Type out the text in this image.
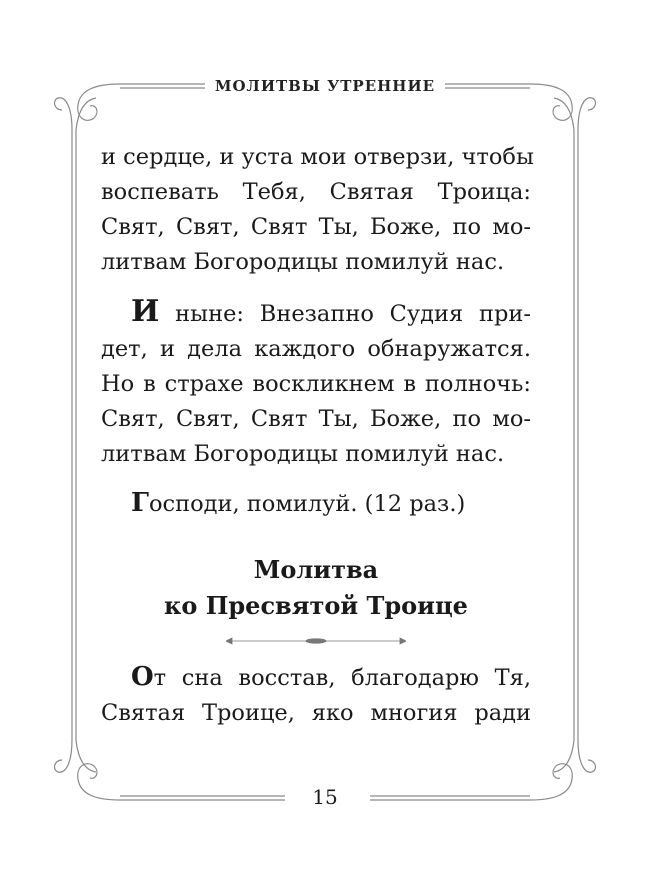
МОЛИТВЫ УТРЕННИЕ

и сердце, и уста мои отверзи, чтобы
воспевать Тебя, Святая Троица:
Свят, Свят, Свят Ты, Боже, по мо-
литвам Богородицы помилуй нас.

И ныне: Внезапно Судия при-
дет, и дела каждого обнаружатся.
Но в страхе воскликнем в полночь:
Свят, Свят, Свят Ты, Боже, по мо-
литвам Богородицы помилуй нас.

Господи, помилуй. (12 раз.)

Молитва
ко Пресвятой Троице

От сна восстав, благодарю Тя,
Святая Троице, яко многия ради

15
